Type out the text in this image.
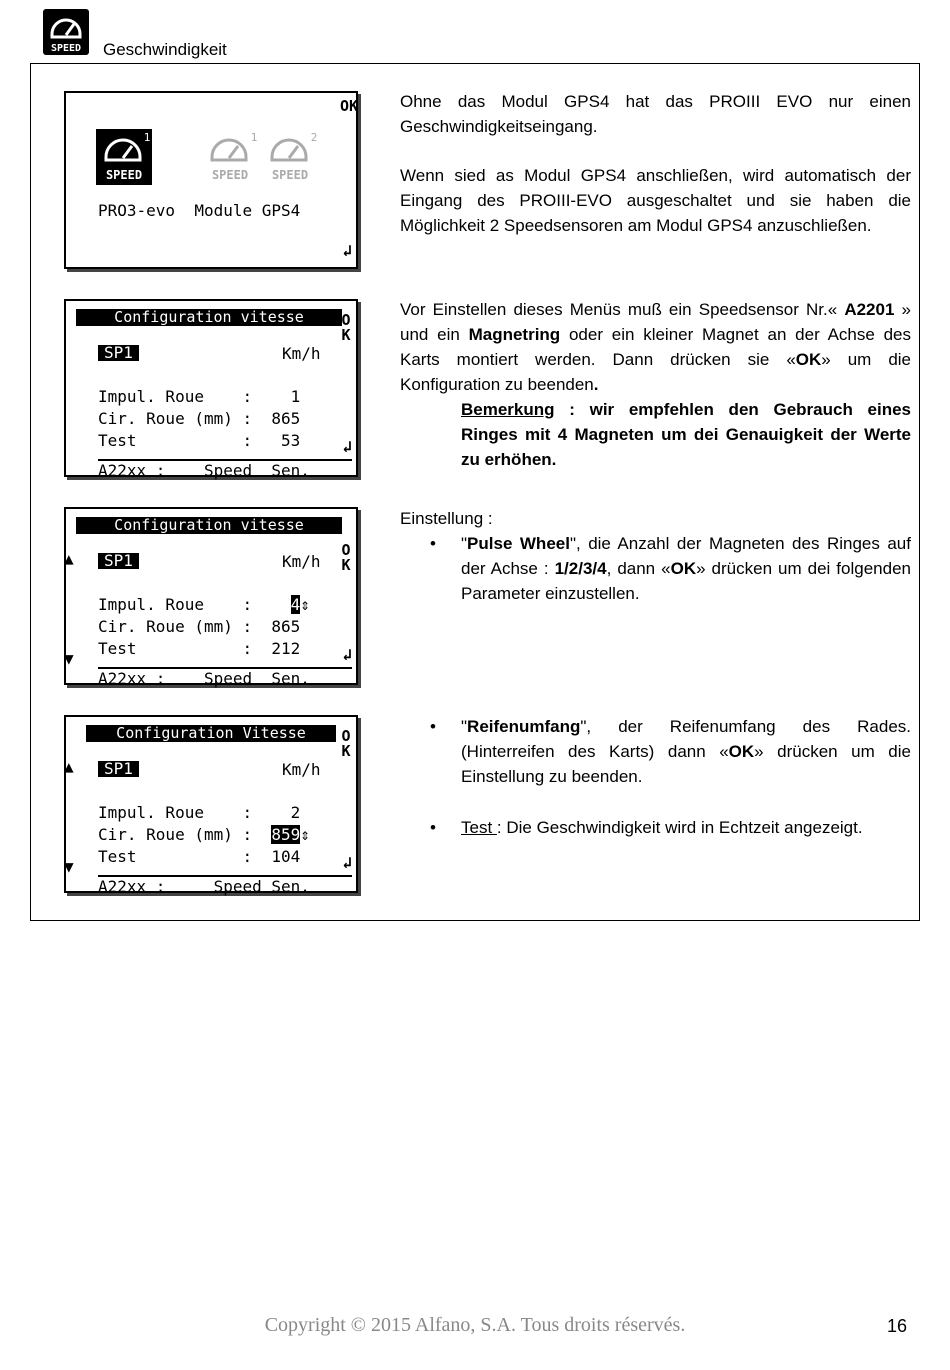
SPEED Geschwindigkeit
OK
SPEED
1
SPEED
1
SPEED
2
PRO3-evo  Module GPS4
↲
Configuration vitesse	O
K
SP1	Km/h
Impul. Roue    :    1
Cir. Roue (mm) :  865
Test           :   53	↲
A22xx :    Speed  Sen.
Configuration vitesse
O
K
▲	SP1	Km/h
Impul. Roue    :    4⇕
Cir. Roue (mm) :  865
Test           :  212
▼	↲
A22xx :    Speed  Sen.
Configuration Vitesse	O
K
▲	SP1	Km/h
Impul. Roue    :    2
Cir. Roue (mm) :  859⇕
Test           :  104
▼	↲
A22xx :     Speed Sen.

Ohne das Modul GPS4 hat das PROIII EVO nur einen Geschwindigkeitseingang.

Wenn sied as Modul GPS4 anschließen, wird automatisch der Eingang des PROIII-EVO ausgeschaltet und sie haben die Möglichkeit 2 Speedsensoren am Modul GPS4 anzuschließen.

Vor Einstellen dieses Menüs muß ein Speedsensor Nr.« A2201 » und ein Magnetring oder ein kleiner Magnet an der Achse des Karts montiert werden. Dann drücken sie «OK» um die Konfiguration zu beenden.

Bemerkung : wir empfehlen den Gebrauch eines Ringes mit 4 Magneten um dei Genauigkeit der Werte zu erhöhen.

Einstellung :
• "Pulse Wheel", die Anzahl der Magneten des Ringes auf der Achse : 1/2/3/4, dann «OK» drücken um dei folgenden Parameter einzustellen.
• "Reifenumfang", der Reifenumfang des Rades. (Hinterreifen des Karts) dann «OK» drücken um die Einstellung zu beenden.
• Test : Die Geschwindigkeit wird in Echtzeit angezeigt.
Copyright © 2015 Alfano, S.A. Tous droits réservés.	16
